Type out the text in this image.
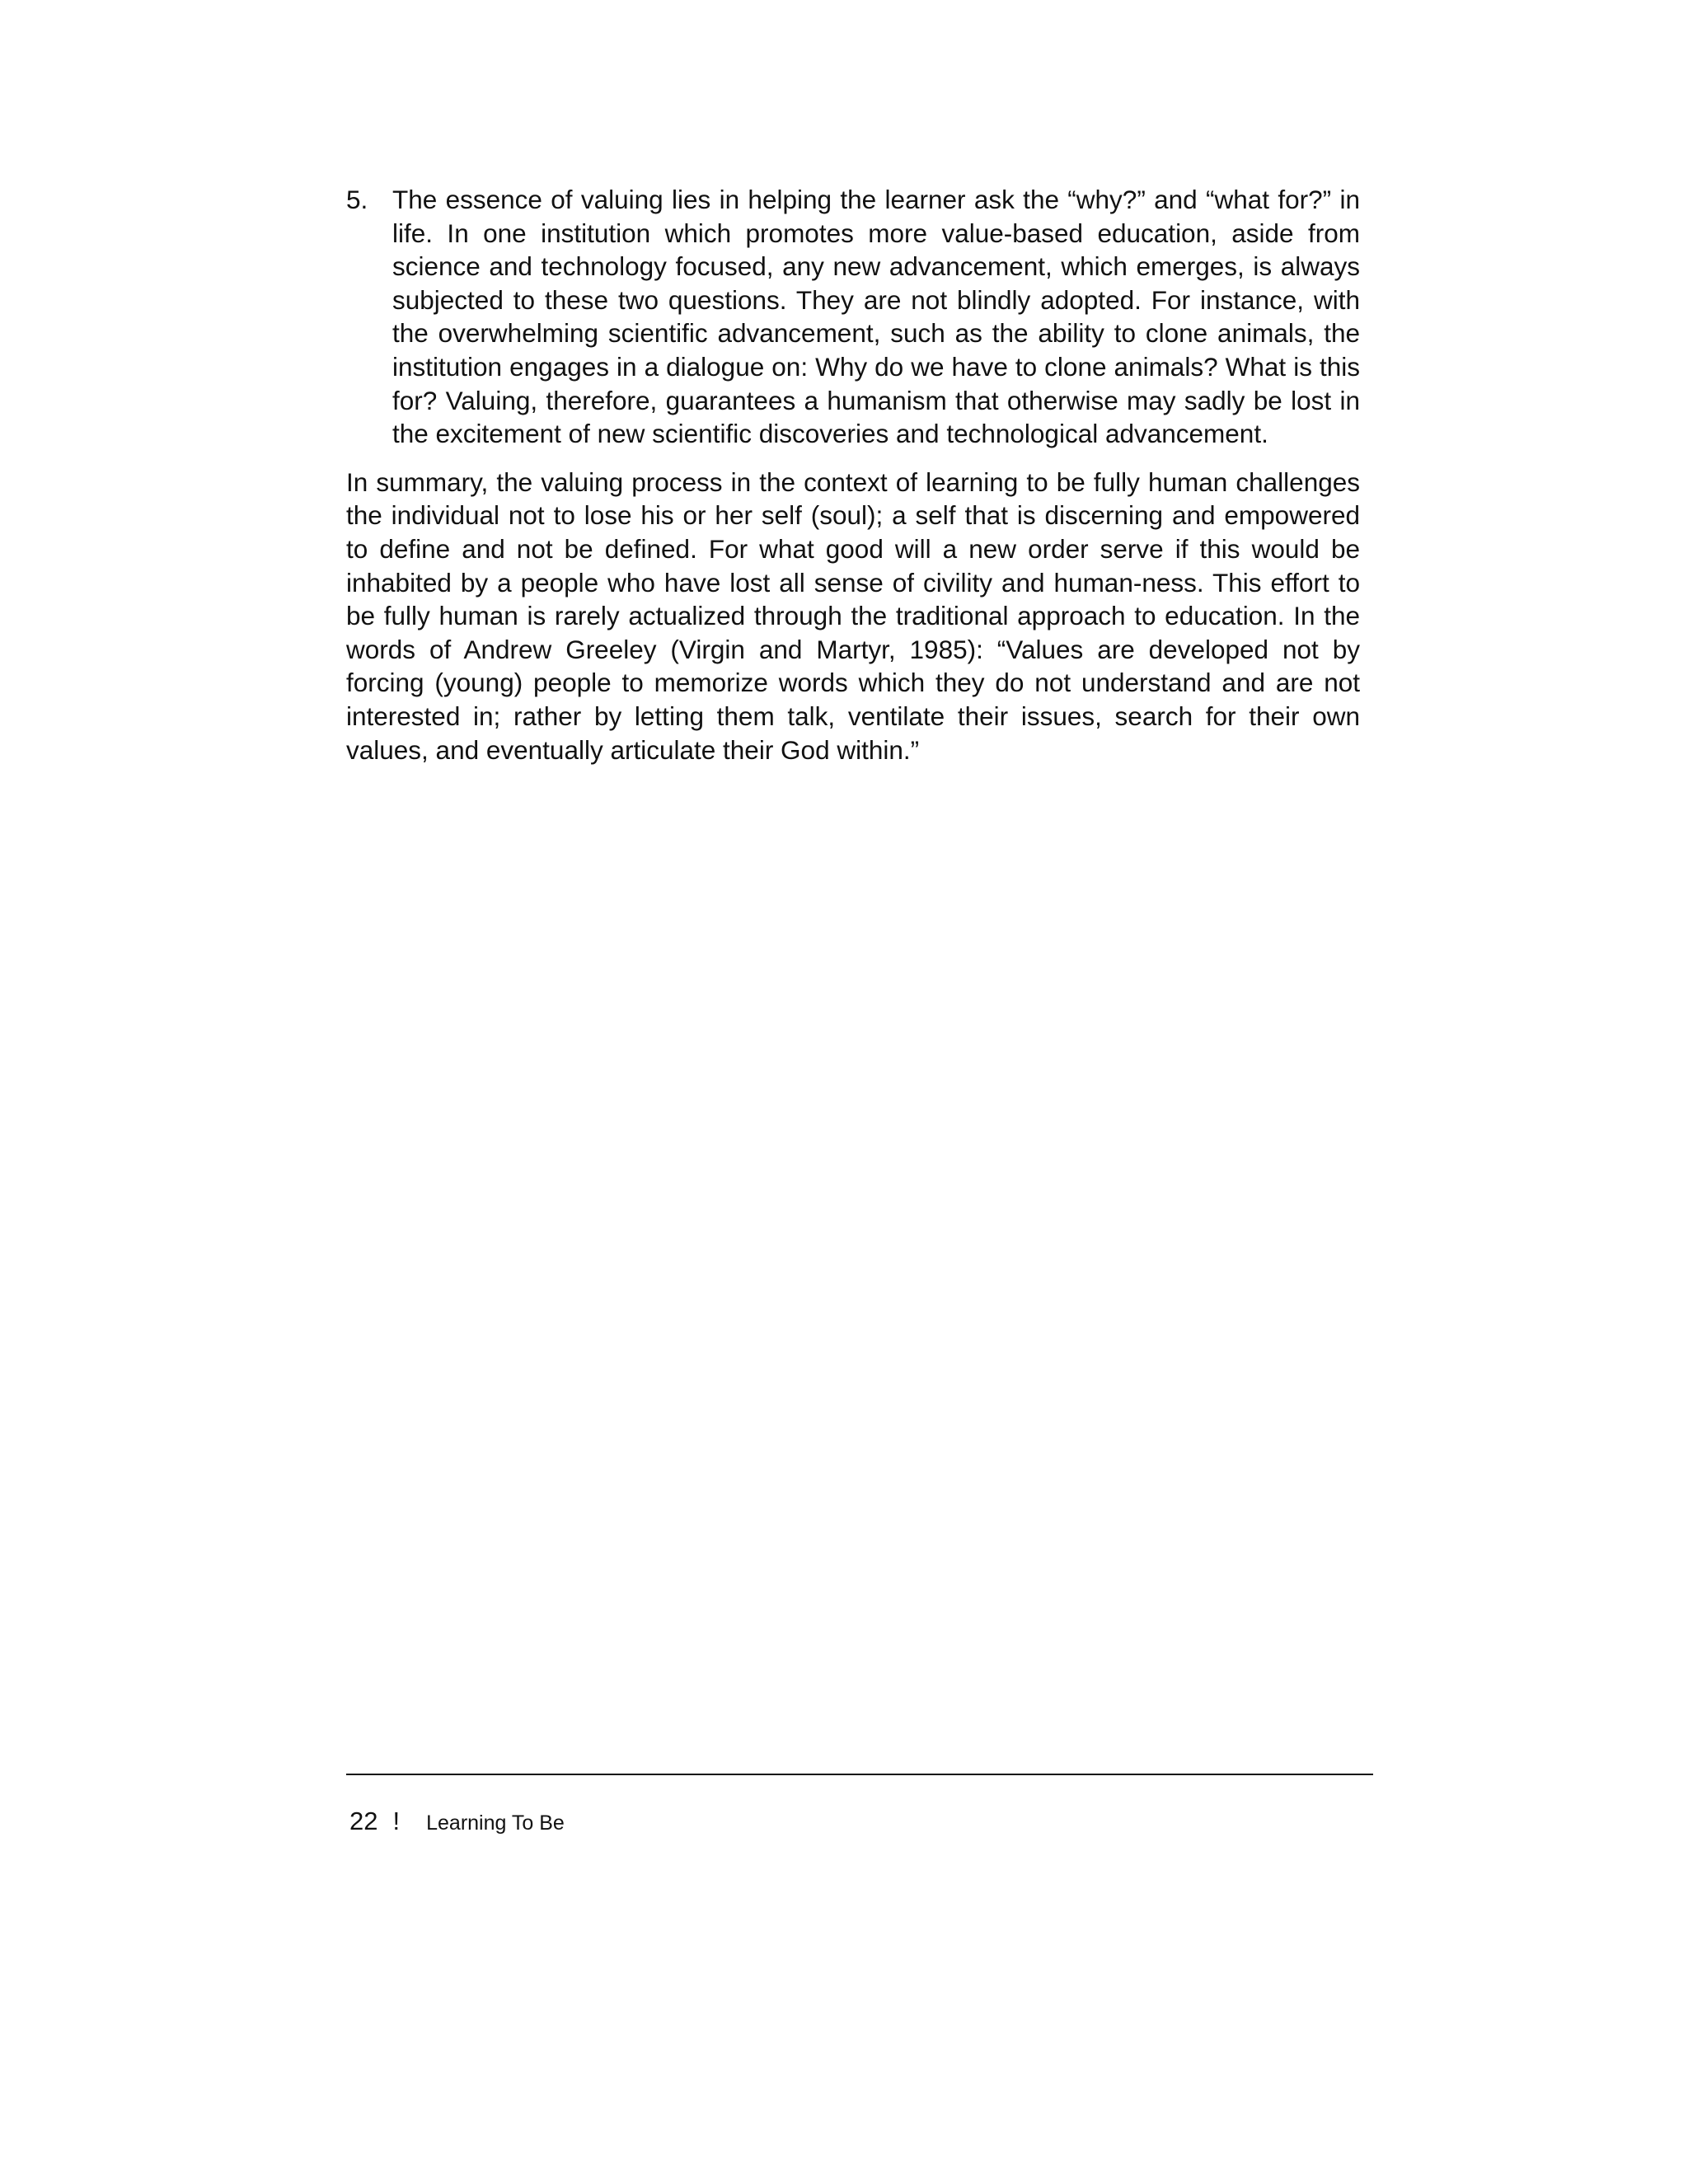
5. The essence of valuing lies in helping the learner ask the “why?” and “what for?” in life. In one institution which promotes more value-based education, aside from science and technology focused, any new advancement, which emerges, is always subjected to these two questions. They are not blindly adopted. For instance, with the overwhelming scientific advancement, such as the ability to clone animals, the institution engages in a dialogue on: Why do we have to clone animals? What is this for? Valuing, therefore, guarantees a humanism that otherwise may sadly be lost in the excitement of new scientific discoveries and technological advancement.

In summary, the valuing process in the context of learning to be fully human challenges the individual not to lose his or her self (soul); a self that is discerning and empowered to define and not be defined. For what good will a new order serve if this would be inhabited by a people who have lost all sense of civility and human-ness. This effort to be fully human is rarely actualized through the traditional approach to education. In the words of Andrew Greeley (Virgin and Martyr, 1985): “Values are developed not by forcing (young) people to memorize words which they do not understand and are not interested in; rather by letting them talk, ventilate their issues, search for their own values, and eventually articulate their God within.”

22 ! Learning To Be
